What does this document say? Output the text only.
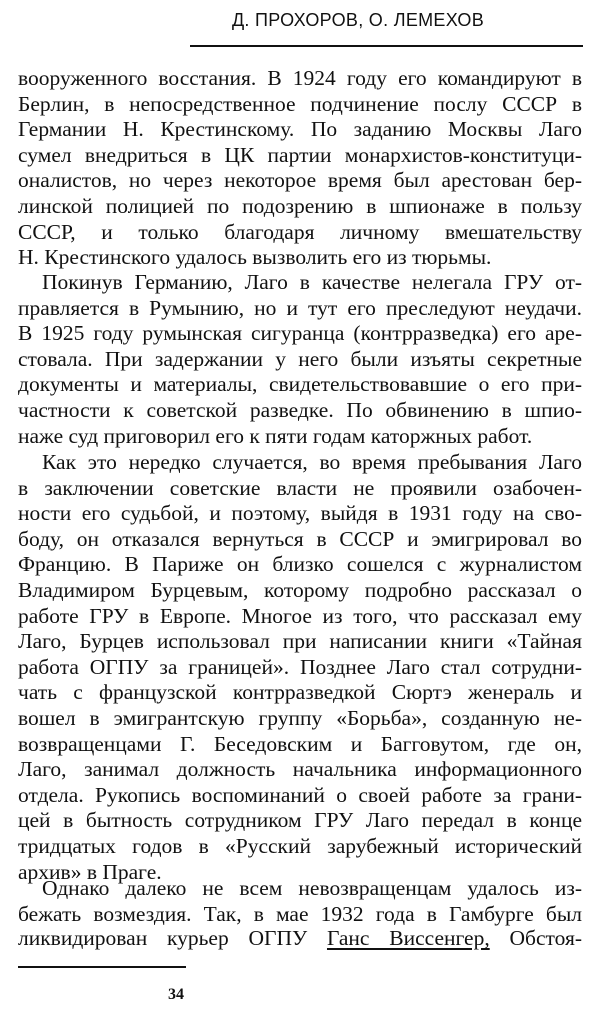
Д. ПРОХОРОВ, О. ЛЕМЕХОВ
вооруженного восстания. В 1924 году его командируют в
Берлин, в непосредственное подчинение послу СССР в
Германии Н. Крестинскому. По заданию Москвы Лаго
сумел внедриться в ЦК партии монархистов-конституци-
оналистов, но через некоторое время был арестован бер-
линской полицией по подозрению в шпионаже в пользу
СССР, и только благодаря личному вмешательству
Н. Крестинского удалось вызволить его из тюрьмы.
Покинув Германию, Лаго в качестве нелегала ГРУ от-
правляется в Румынию, но и тут его преследуют неудачи.
В 1925 году румынская сигуранца (контрразведка) его аре-
стовала. При задержании у него были изъяты секретные
документы и материалы, свидетельствовавшие о его при-
частности к советской разведке. По обвинению в шпио-
наже суд приговорил его к пяти годам каторжных работ.
Как это нередко случается, во время пребывания Лаго
в заключении советские власти не проявили озабочен-
ности его судьбой, и поэтому, выйдя в 1931 году на сво-
боду, он отказался вернуться в СССР и эмигрировал во
Францию. В Париже он близко сошелся с журналистом
Владимиром Бурцевым, которому подробно рассказал о
работе ГРУ в Европе. Многое из того, что рассказал ему
Лаго, Бурцев использовал при написании книги «Тайная
работа ОГПУ за границей». Позднее Лаго стал сотрудни-
чать с французской контрразведкой Сюртэ женераль и
вошел в эмигрантскую группу «Борьба», созданную не-
возвращенцами Г. Беседовским и Багговутом, где он,
Лаго, занимал должность начальника информационного
отдела. Рукопись воспоминаний о своей работе за грани-
цей в бытность сотрудником ГРУ Лаго передал в конце
тридцатых годов в «Русский зарубежный исторический
архив» в Праге.
Однако далеко не всем невозвращенцам удалось из-
бежать возмездия. Так, в мае 1932 года в Гамбурге был
ликвидирован курьер ОГПУ Ганс Виссенгер, Обстоя-
34
